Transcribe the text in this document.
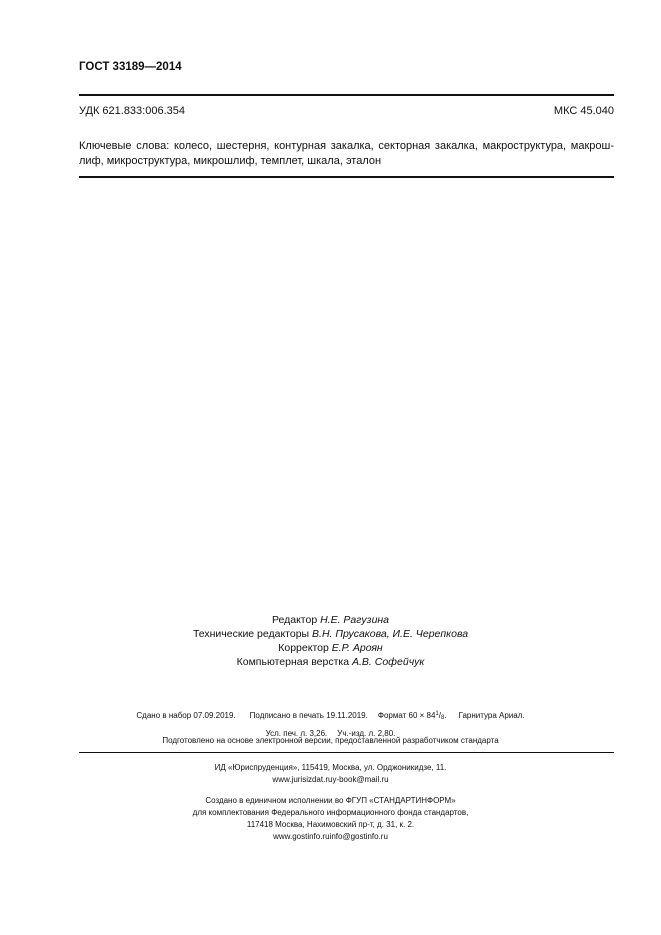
ГОСТ 33189—2014
УДК 621.833:006.354	МКС 45.040
Ключевые слова: колесо, шестерня, контурная закалка, секторная закалка, макроструктура, макрош-
лиф, микроструктура, микрошлиф, темплет, шкала, эталон
Редактор Н.Е. Рагузина
Технические редакторы В.Н. Прусакова, И.Е. Черепкова
Корректор Е.Р. Ароян
Компьютерная верстка А.В. Софейчук
Сдано в набор 07.09.2019. Подписано в печать 19.11.2019. Формат $60 \times 84^1/_8$. Гарнитура Ариал.
Усл. печ. л. 3,26. Уч.-изд. л. 2,80.
Подготовлено на основе электронной версии, предоставленной разработчиком стандарта
ИД «Юриспруденция», 115419, Москва, ул. Орджоникидзе, 11.
www.jurisizdat.ruy-book@mail.ru
Создано в единичном исполнении во ФГУП «СТАНДАРТИНФОРМ»
для комплектования Федерального информационного фонда стандартов,
117418 Москва, Нахимовский пр-т, д. 31, к. 2.
www.gostinfo.ruinfo@gostinfo.ru
